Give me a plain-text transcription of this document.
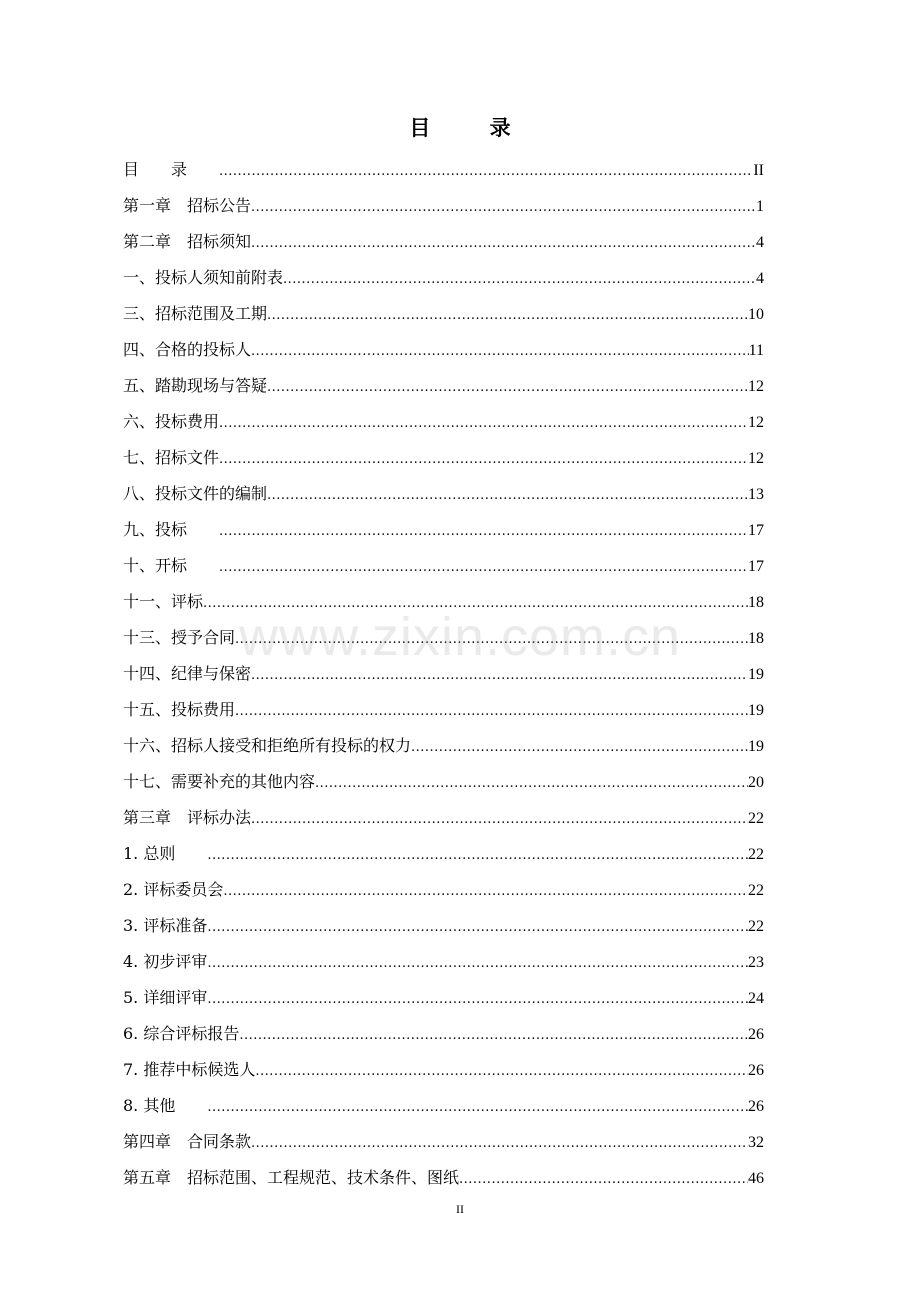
目 录
目　　录　　 .....	II
第一章　招标公告 .....	1
第二章　招标须知 .....	4
一、投标人须知前附表 .....	4
三、招标范围及工期 .....	10
四、合格的投标人 .....	11
五、踏勘现场与答疑 .....	12
六、投标费用 .....	12
七、招标文件 .....	12
八、投标文件的编制 .....	13
九、投标　　 .....	17
十、开标　　 .....	17
十一、评标 .....	18
十三、授予合同 .....	18
十四、纪律与保密 .....	19
十五、投标费用 .....	19
十六、招标人接受和拒绝所有投标的权力 .....	19
十七、需要补充的其他内容 .....	20
第三章　评标办法 .....	22
1. 总则　　 .....	22
2. 评标委员会 .....	22
3. 评标准备 .....	22
4. 初步评审 .....	23
5. 详细评审 .....	24
6. 综合评标报告 .....	26
7. 推荐中标候选人 .....	26
8. 其他　　 .....	26
第四章　合同条款 .....	32
第五章　招标范围、工程规范、技术条件、图纸 .....	46
www.zixin.com.cn
II
